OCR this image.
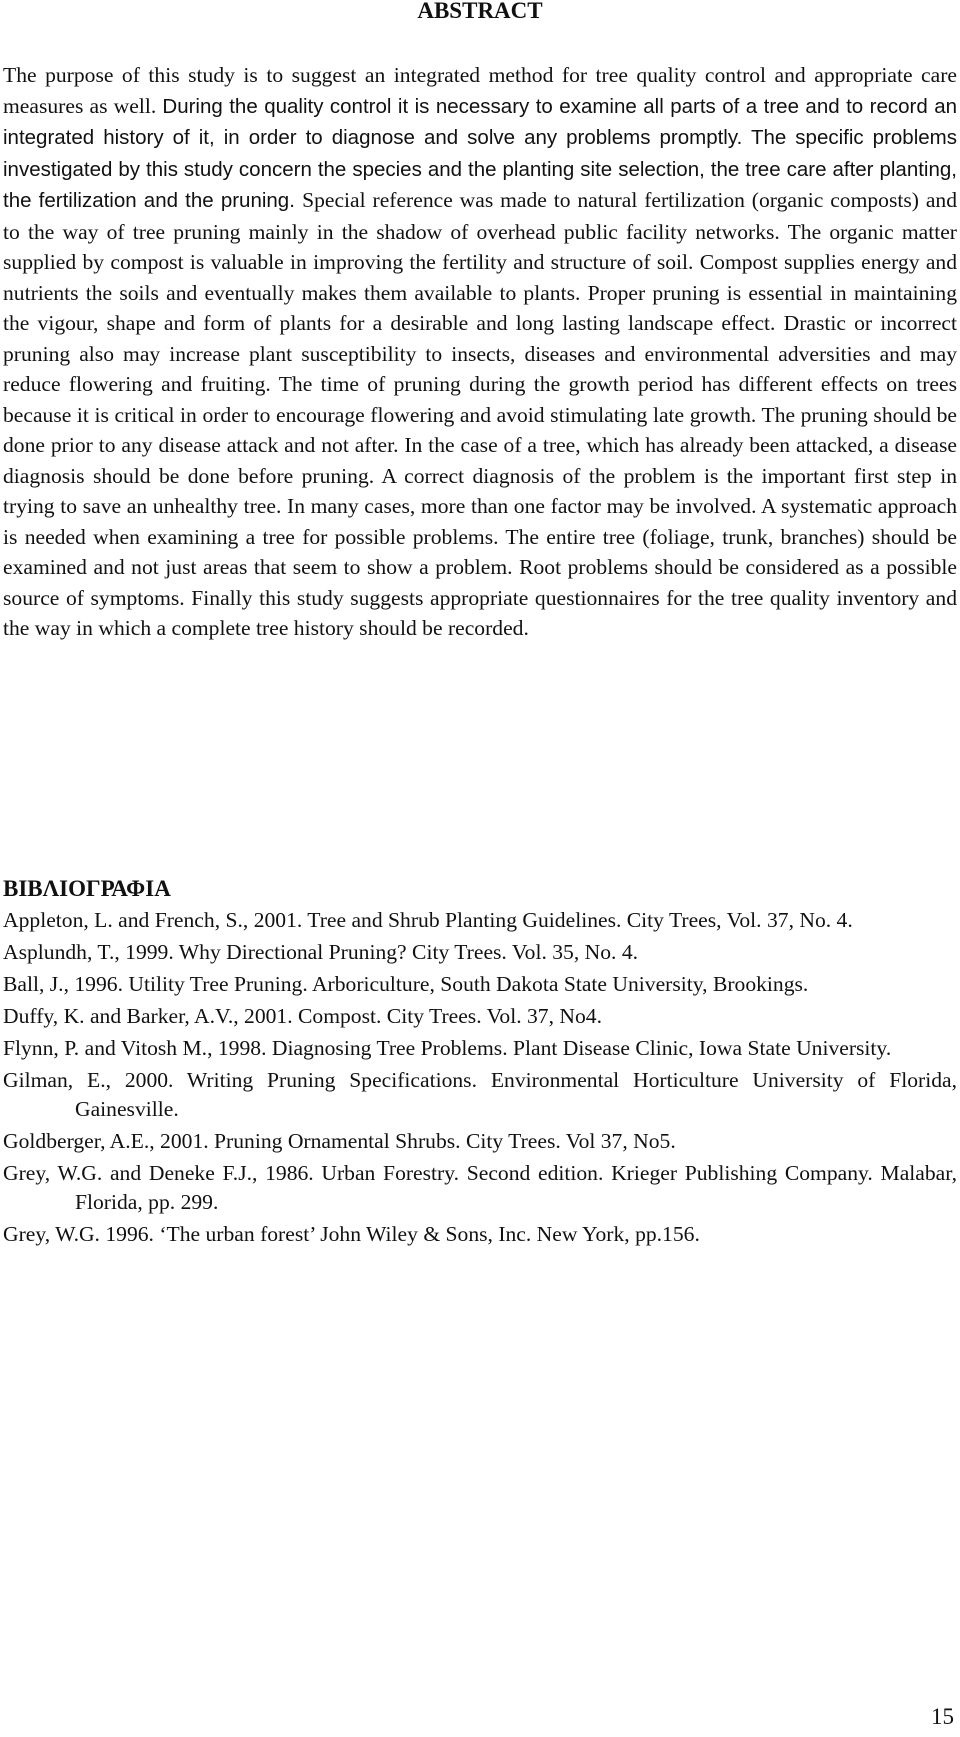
ABSTRACT

The purpose of this study is to suggest an integrated method for tree quality control and appropriate care measures as well. During the quality control it is necessary to examine all parts of a tree and to record an integrated history of it, in order to diagnose and solve any problems promptly. The specific problems investigated by this study concern the species and the planting site selection, the tree care after planting, the fertilization and the pruning. Special reference was made to natural fertilization (organic composts) and to the way of tree pruning mainly in the shadow of overhead public facility networks. The organic matter supplied by compost is valuable in improving the fertility and structure of soil. Compost supplies energy and nutrients the soils and eventually makes them available to plants. Proper pruning is essential in maintaining the vigour, shape and form of plants for a desirable and long lasting landscape effect. Drastic or incorrect pruning also may increase plant susceptibility to insects, diseases and environmental adversities and may reduce flowering and fruiting. The time of pruning during the growth period has different effects on trees because it is critical in order to encourage flowering and avoid stimulating late growth. The pruning should be done prior to any disease attack and not after. In the case of a tree, which has already been attacked, a disease diagnosis should be done before pruning. A correct diagnosis of the problem is the important first step in trying to save an unhealthy tree. In many cases, more than one factor may be involved. A systematic approach is needed when examining a tree for possible problems. The entire tree (foliage, trunk, branches) should be examined and not just areas that seem to show a problem. Root problems should be considered as a possible source of symptoms. Finally this study suggests appropriate questionnaires for the tree quality inventory and the way in which a complete tree history should be recorded.

ΒΙΒΛΙΟΓΡΑΦΙΑ
Appleton, L. and French, S., 2001. Tree and Shrub Planting Guidelines. City Trees, Vol. 37, No. 4.
Asplundh, T., 1999. Why Directional Pruning? City Trees. Vol. 35, No. 4.
Ball, J., 1996. Utility Tree Pruning. Arboriculture, South Dakota State University, Brookings.
Duffy, K. and Barker, A.V., 2001. Compost. City Trees. Vol. 37, No4.
Flynn, P. and Vitosh M., 1998. Diagnosing Tree Problems. Plant Disease Clinic, Iowa State University.
Gilman, E., 2000. Writing Pruning Specifications. Environmental Horticulture University of Florida, Gainesville.
Goldberger, A.E., 2001. Pruning Ornamental Shrubs. City Trees. Vol 37, No5.
Grey, W.G. and Deneke F.J., 1986. Urban Forestry. Second edition. Krieger Publishing Company. Malabar, Florida, pp. 299.
Grey, W.G. 1996. ‘The urban forest’ John Wiley & Sons, Inc. New York, pp.156.
15
